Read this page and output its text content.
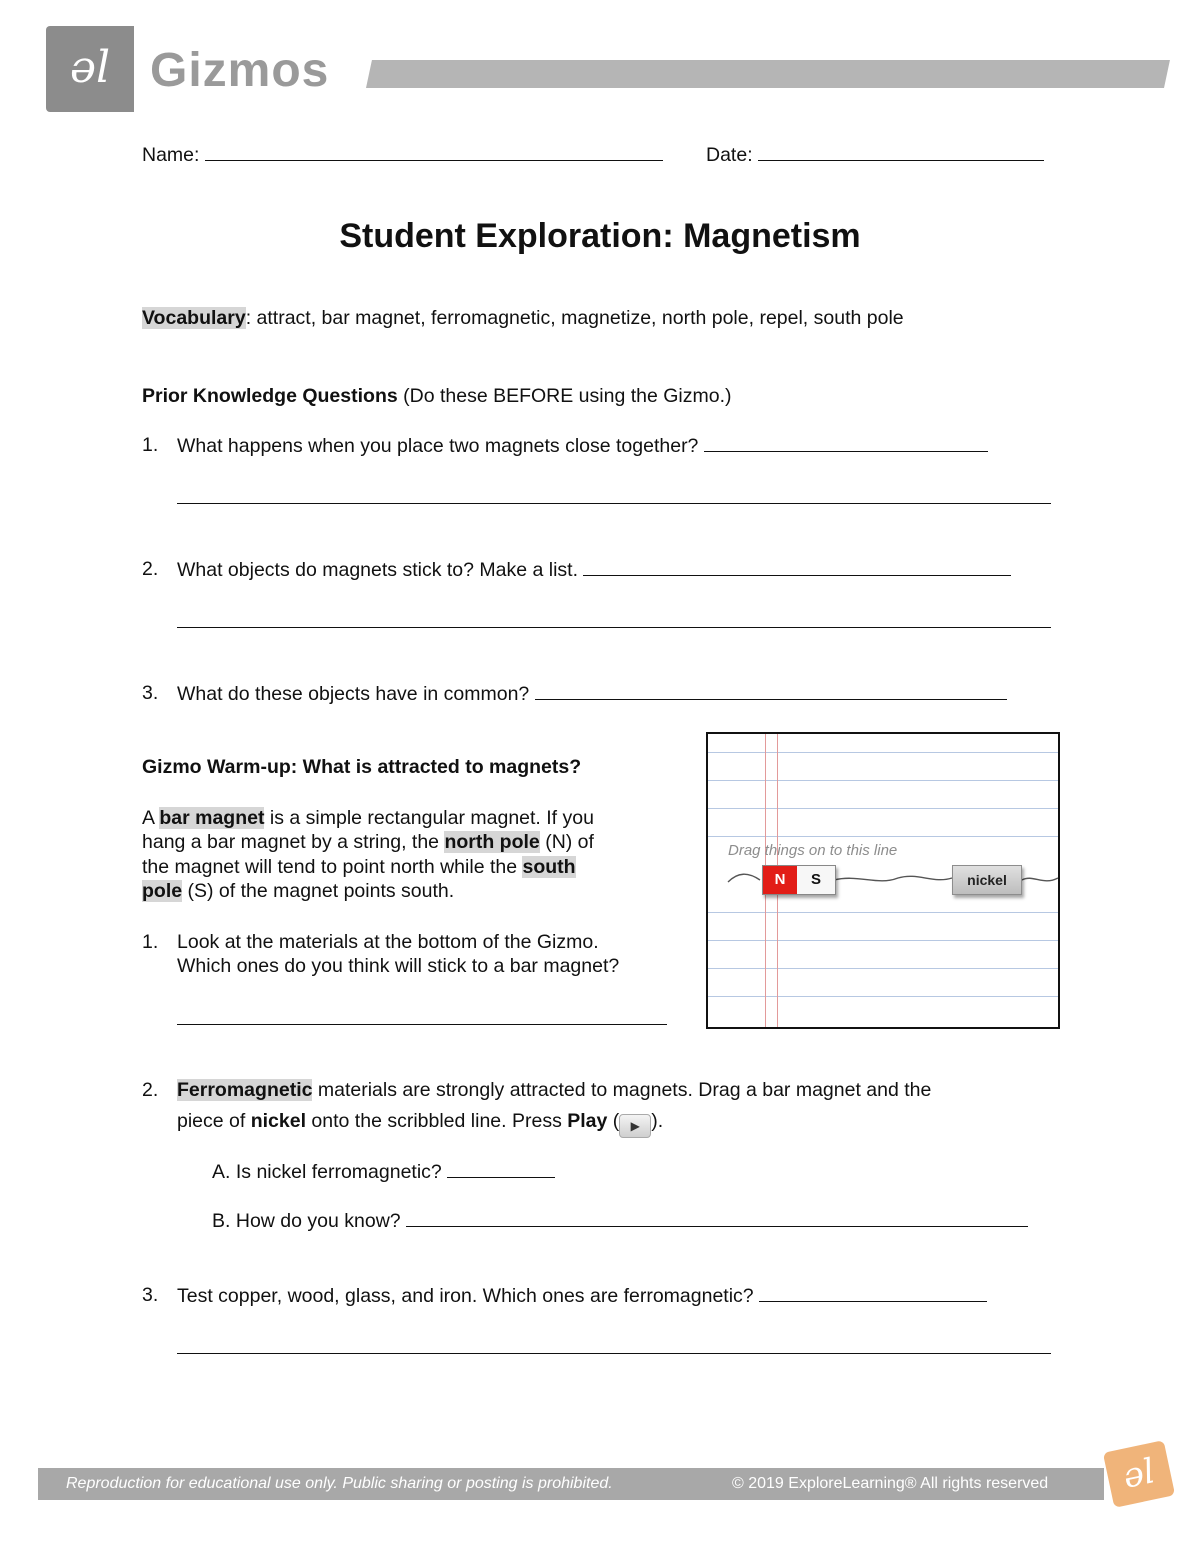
əl Gizmos
Name:	Date:
Student Exploration: Magnetism
Vocabulary: attract, bar magnet, ferromagnetic, magnetize, north pole, repel, south pole
Prior Knowledge Questions (Do these BEFORE using the Gizmo.)
1. What happens when you place two magnets close together?
2. What objects do magnets stick to? Make a list.
3. What do these objects have in common?
Gizmo Warm-up: What is attracted to magnets?
A bar magnet is a simple rectangular magnet. If you
hang a bar magnet by a string, the north pole (N) of
the magnet will tend to point north while the south
pole (S) of the magnet points south.
1. Look at the materials at the bottom of the Gizmo.
Which ones do you think will stick to a bar magnet?
Drag things on to this line
N	S	nickel
2. Ferromagnetic materials are strongly attracted to magnets. Drag a bar magnet and the
piece of nickel onto the scribbled line. Press Play ( ▶ ).
A. Is nickel ferromagnetic?
B. How do you know?
3. Test copper, wood, glass, and iron. Which ones are ferromagnetic?
Reproduction for educational use only. Public sharing or posting is prohibited.	© 2019 ExploreLearning® All rights reserved	əl
